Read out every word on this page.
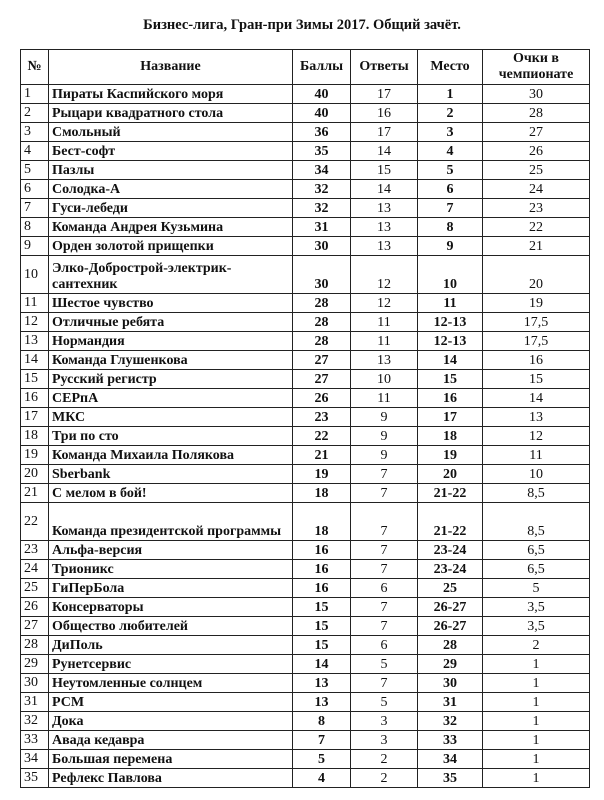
Бизнес-лига, Гран-при Зимы 2017. Общий зачёт.
№	Название	Баллы	Ответы	Место	Очки в чемпионате
1	Пираты Каспийского моря	40	17	1	30
2	Рыцари квадратного стола	40	16	2	28
3	Смольный	36	17	3	27
4	Бест-софт	35	14	4	26
5	Пазлы	34	15	5	25
6	Солодка-А	32	14	6	24
7	Гуси-лебеди	32	13	7	23
8	Команда Андрея Кузьмина	31	13	8	22
9	Орден золотой прищепки	30	13	9	21
10	Элко-Добрострой-электрик-сантехник	30	12	10	20
11	Шестое чувство	28	12	11	19
12	Отличные ребята	28	11	12-13	17,5
13	Нормандия	28	11	12-13	17,5
14	Команда Глушенкова	27	13	14	16
15	Русский регистр	27	10	15	15
16	СЕРпА	26	11	16	14
17	МКС	23	9	17	13
18	Три по сто	22	9	18	12
19	Команда Михаила Полякова	21	9	19	11
20	Sberbank	19	7	20	10
21	С мелом в бой!	18	7	21-22	8,5
22	Команда президентской программы	18	7	21-22	8,5
23	Альфа-версия	16	7	23-24	6,5
24	Трионикс	16	7	23-24	6,5
25	ГиПерБола	16	6	25	5
26	Консерваторы	15	7	26-27	3,5
27	Общество любителей	15	7	26-27	3,5
28	ДиПоль	15	6	28	2
29	Рунетсервис	14	5	29	1
30	Неутомленные солнцем	13	7	30	1
31	РСМ	13	5	31	1
32	Дока	8	3	32	1
33	Авада кедавра	7	3	33	1
34	Большая перемена	5	2	34	1
35	Рефлекс Павлова	4	2	35	1
